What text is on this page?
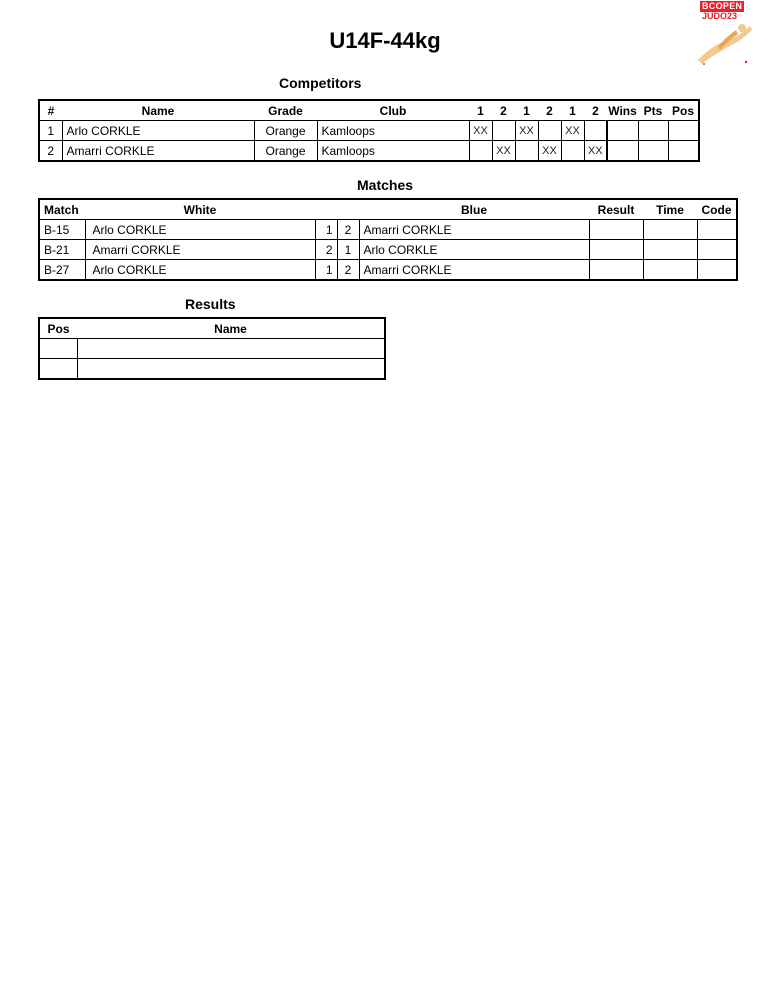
U14F-44kg
BCOPEN
JUDO23
Competitors
#	Name	Grade	Club	1	2	1	2	1	2	Wins	Pts	Pos
1	Arlo CORKLE	Orange	Kamloops	XX		XX		XX				
2	Amarri CORKLE	Orange	Kamloops		XX		XX		XX			
Matches
Match	White			Blue	Result	Time	Code
B-15	Arlo CORKLE	1	2	Amarri CORKLE			
B-21	Amarri CORKLE	2	1	Arlo CORKLE			
B-27	Arlo CORKLE	1	2	Amarri CORKLE			
Results
Pos	Name
